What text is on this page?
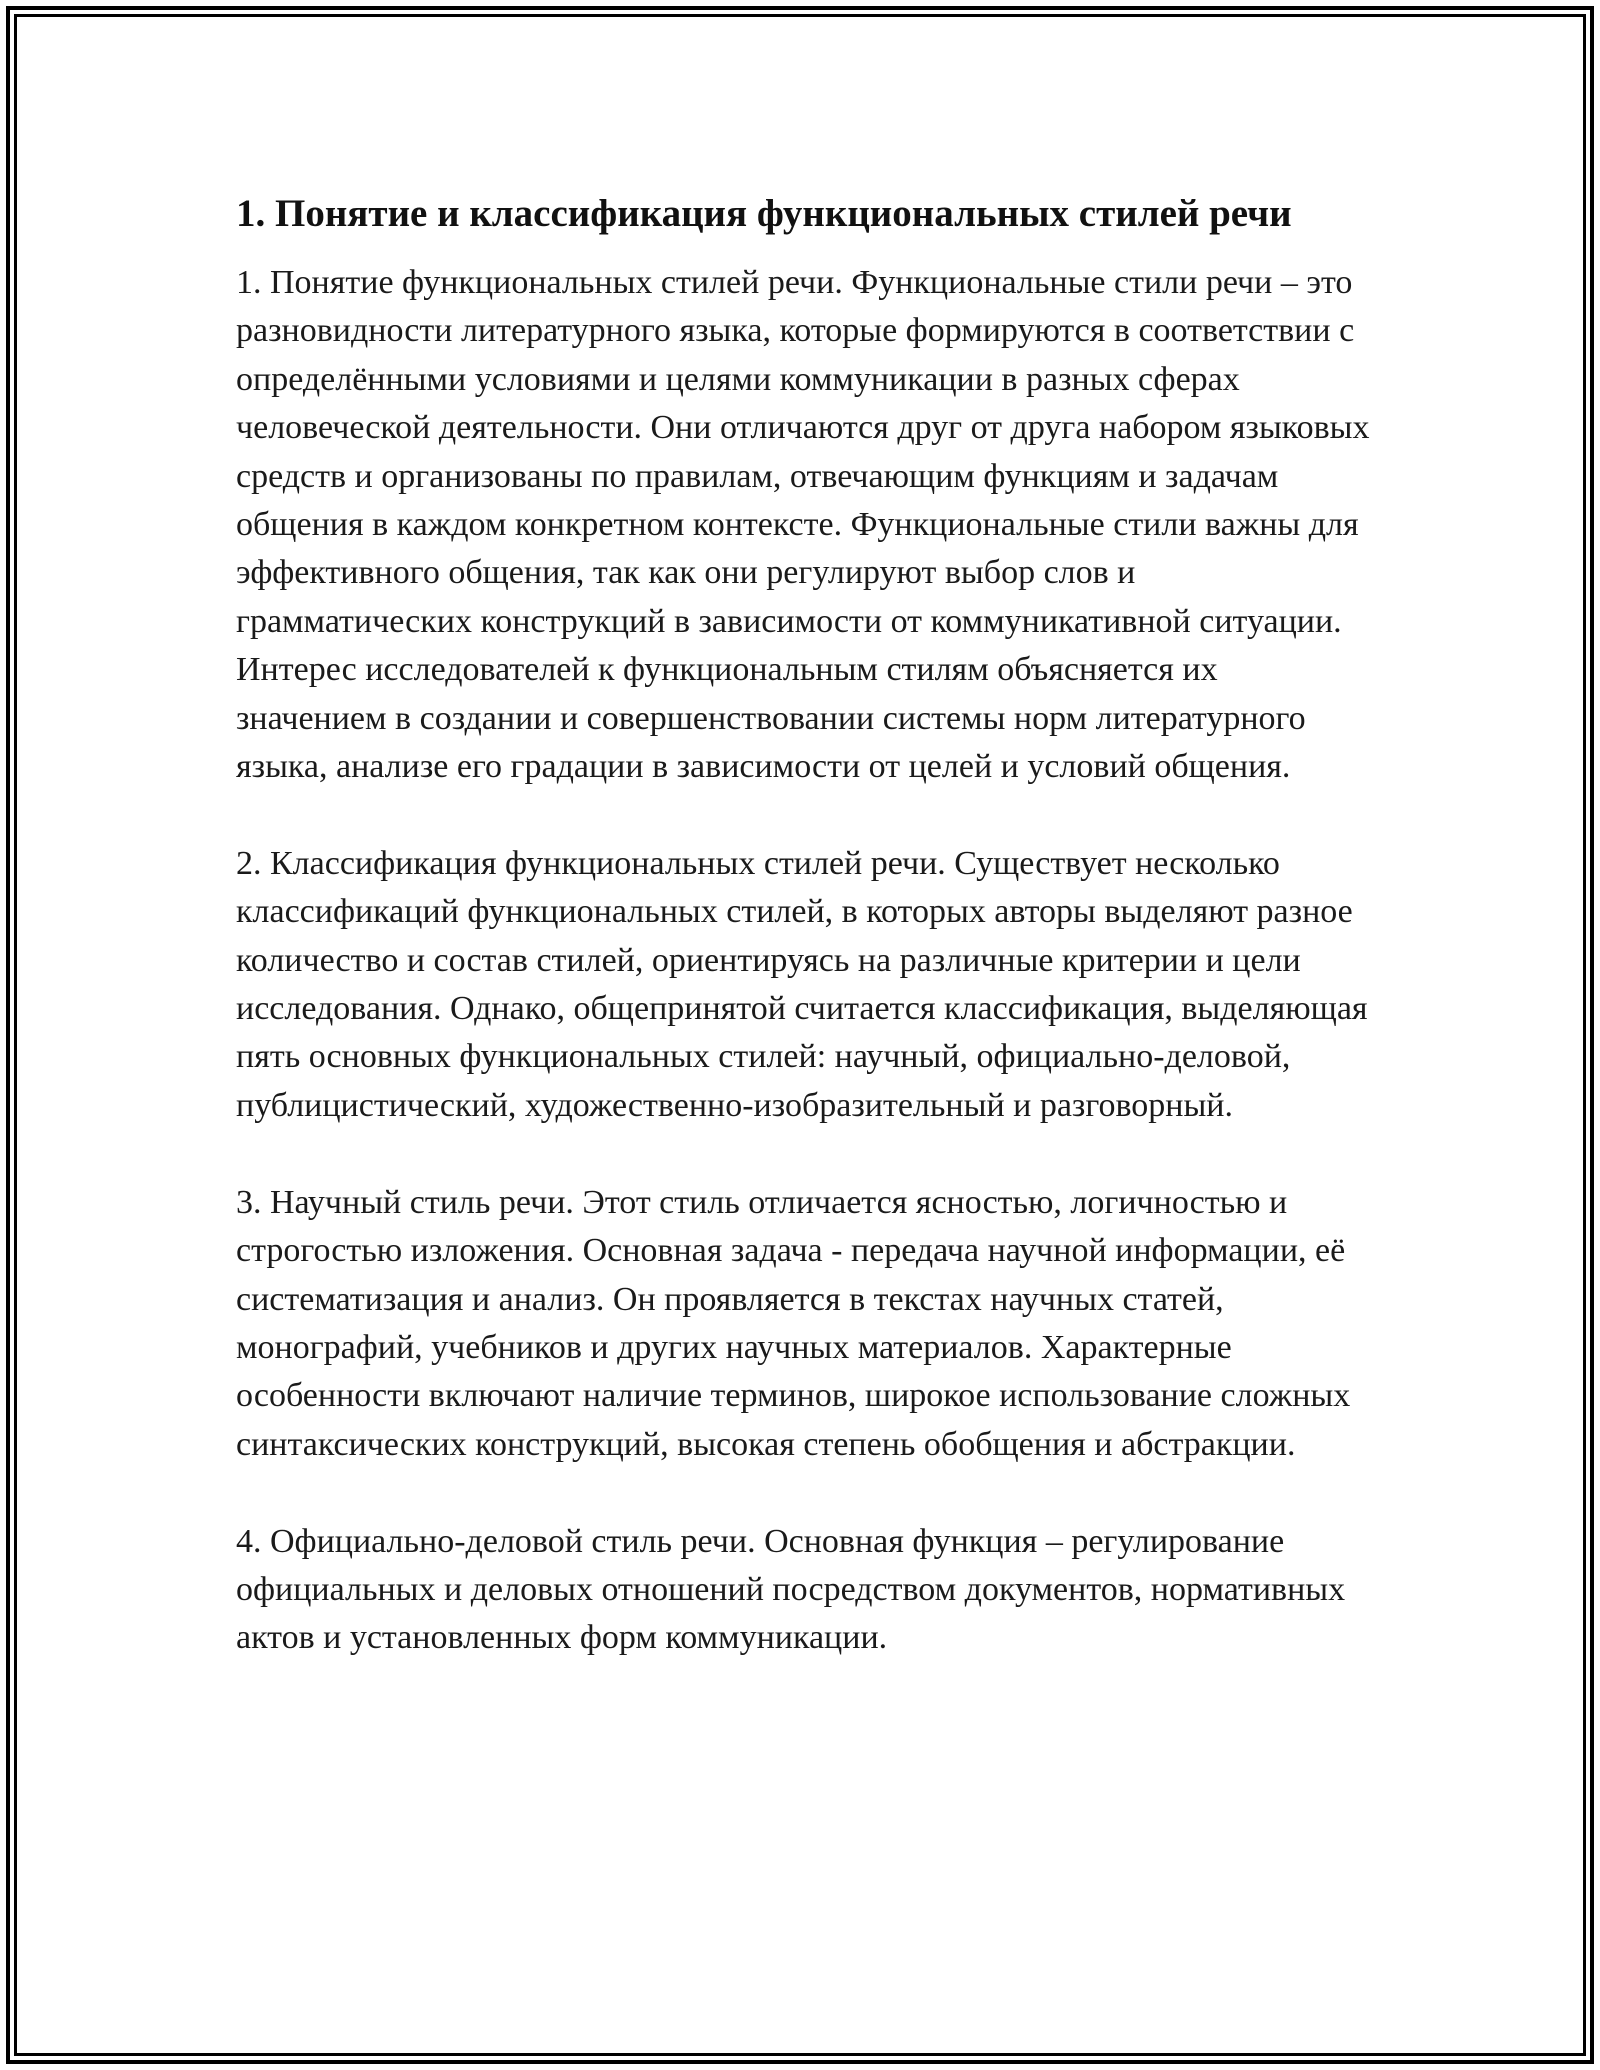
1. Понятие и классификация функциональных стилей речи

1. Понятие функциональных стилей речи. Функциональные стили речи – это разновидности литературного языка, которые формируются в соответствии с определёнными условиями и целями коммуникации в разных сферах человеческой деятельности. Они отличаются друг от друга набором языковых средств и организованы по правилам, отвечающим функциям и задачам общения в каждом конкретном контексте. Функциональные стили важны для эффективного общения, так как они регулируют выбор слов и грамматических конструкций в зависимости от коммуникативной ситуации. Интерес исследователей к функциональным стилям объясняется их значением в создании и совершенствовании системы норм литературного языка, анализе его градации в зависимости от целей и условий общения.

2. Классификация функциональных стилей речи. Существует несколько классификаций функциональных стилей, в которых авторы выделяют разное количество и состав стилей, ориентируясь на различные критерии и цели исследования. Однако, общепринятой считается классификация, выделяющая пять основных функциональных стилей: научный, официально-деловой, публицистический, художественно-изобразительный и разговорный.

3. Научный стиль речи. Этот стиль отличается ясностью, логичностью и строгостью изложения. Основная задача - передача научной информации, её систематизация и анализ. Он проявляется в текстах научных статей, монографий, учебников и других научных материалов. Характерные особенности включают наличие терминов, широкое использование сложных синтаксических конструкций, высокая степень обобщения и абстракции.

4. Официально-деловой стиль речи. Основная функция – регулирование официальных и деловых отношений посредством документов, нормативных актов и установленных форм коммуникации.
